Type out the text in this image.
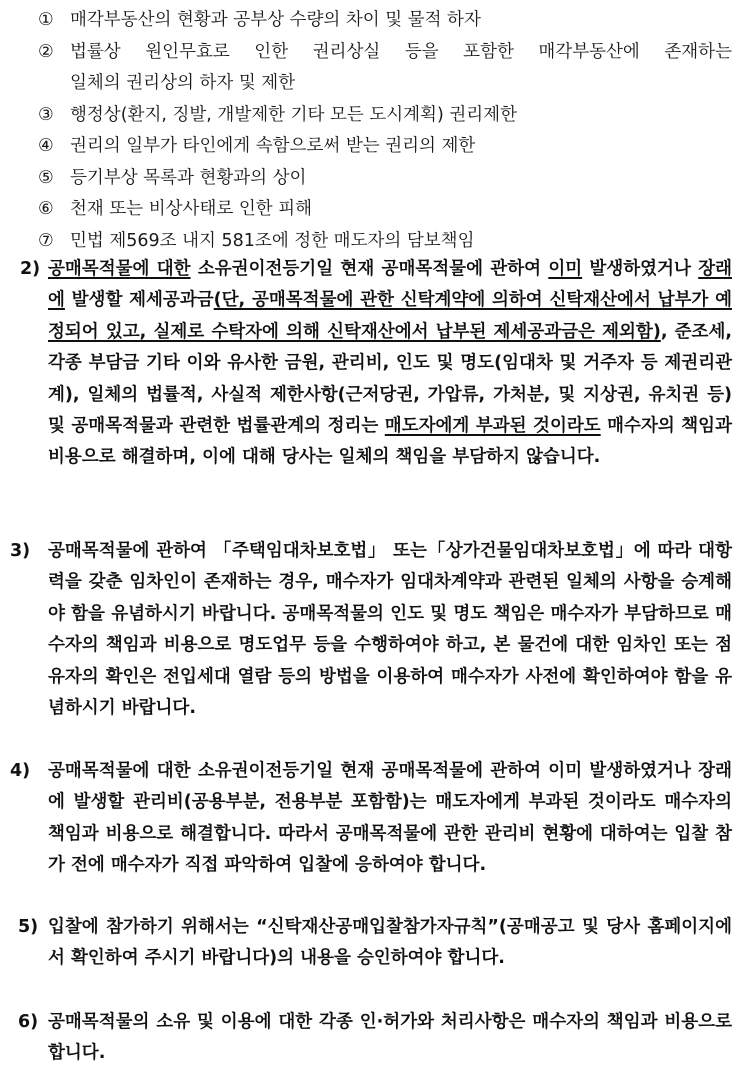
① 매각부동산의 현황과 공부상 수량의 차이 및 물적 하자
② 법률상 원인무효로 인한 권리상실 등을 포함한 매각부동산에 존재하는
일체의 권리상의 하자 및 제한
③ 행정상(환지, 징발, 개발제한 기타 모든 도시계획) 권리제한
④ 권리의 일부가 타인에게 속함으로써 받는 권리의 제한
⑤ 등기부상 목록과 현황과의 상이
⑥ 천재 또는 비상사태로 인한 피해
⑦ 민법 제569조 내지 581조에 정한 매도자의 담보책임
2) 공매목적물에 대한 소유권이전등기일 현재 공매목적물에 관하여 이미 발생하였거나 장래에 발생할 제세공과금(단, 공매목적물에 관한 신탁계약에 의하여 신탁재산에서 납부가 예정되어 있고, 실제로 수탁자에 의해 신탁재산에서 납부된 제세공과금은 제외함), 준조세, 각종 부담금 기타 이와 유사한 금원, 관리비, 인도 및 명도(임대차 및 거주자 등 제권리관계), 일체의 법률적, 사실적 제한사항(근저당권, 가압류, 가처분, 및 지상권, 유치권 등) 및 공매목적물과 관련한 법률관계의 정리는 매도자에게 부과된 것이라도 매수자의 책임과 비용으로 해결하며, 이에 대해 당사는 일체의 책임을 부담하지 않습니다.
3) 공매목적물에 관하여 「주택임대차보호법」 또는「상가건물임대차보호법」에 따라 대항력을 갖춘 임차인이 존재하는 경우, 매수자가 임대차계약과 관련된 일체의 사항을 승계해야 함을 유념하시기 바랍니다. 공매목적물의 인도 및 명도 책임은 매수자가 부담하므로 매수자의 책임과 비용으로 명도업무 등을 수행하여야 하고, 본 물건에 대한 임차인 또는 점유자의 확인은 전입세대 열람 등의 방법을 이용하여 매수자가 사전에 확인하여야 함을 유념하시기 바랍니다.
4) 공매목적물에 대한 소유권이전등기일 현재 공매목적물에 관하여 이미 발생하였거나 장래에 발생할 관리비(공용부분, 전용부분 포함함)는 매도자에게 부과된 것이라도 매수자의 책임과 비용으로 해결합니다. 따라서 공매목적물에 관한 관리비 현황에 대하여는 입찰 참가 전에 매수자가 직접 파악하여 입찰에 응하여야 합니다.
5) 입찰에 참가하기 위해서는 “신탁재산공매입찰참가자규칙”(공매공고 및 당사 홈페이지에서 확인하여 주시기 바랍니다)의 내용을 승인하여야 합니다.
6) 공매목적물의 소유 및 이용에 대한 각종 인·허가와 처리사항은 매수자의 책임과 비용으로 합니다.
